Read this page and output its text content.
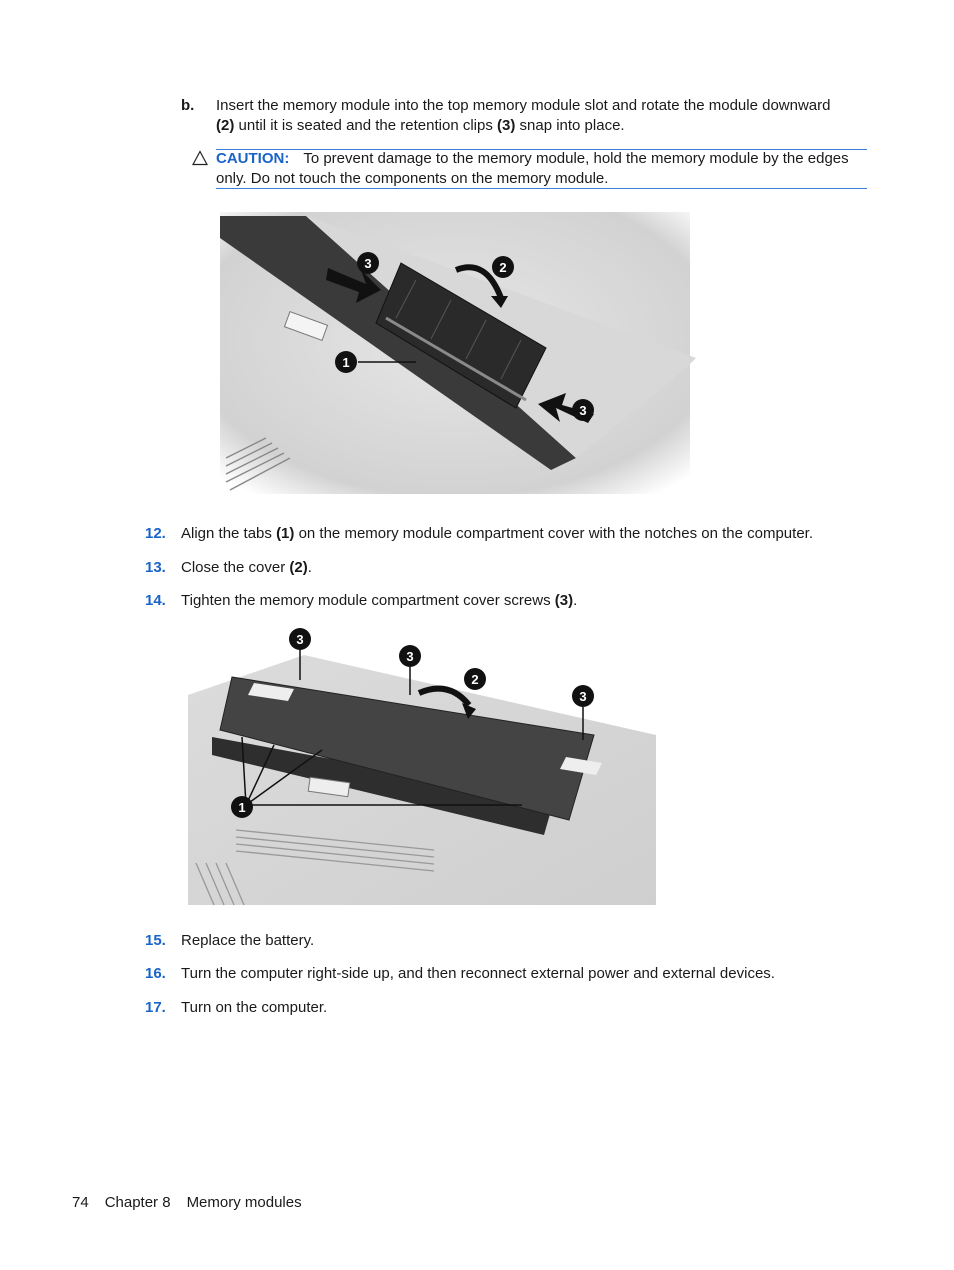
b. Insert the memory module into the top memory module slot and rotate the module downward
(2) until it is seated and the retention clips (3) snap into place.
CAUTION: To prevent damage to the memory module, hold the memory module by the edges only. Do not touch the components on the memory module.
3	2
1
3
12. Align the tabs (1) on the memory module compartment cover with the notches on the computer.
13. Close the cover (2).
14. Tighten the memory module compartment cover screws (3).
3
3
2
3
1
15. Replace the battery.
16. Turn the computer right-side up, and then reconnect external power and external devices.
17. Turn on the computer.
74 Chapter 8 Memory modules
